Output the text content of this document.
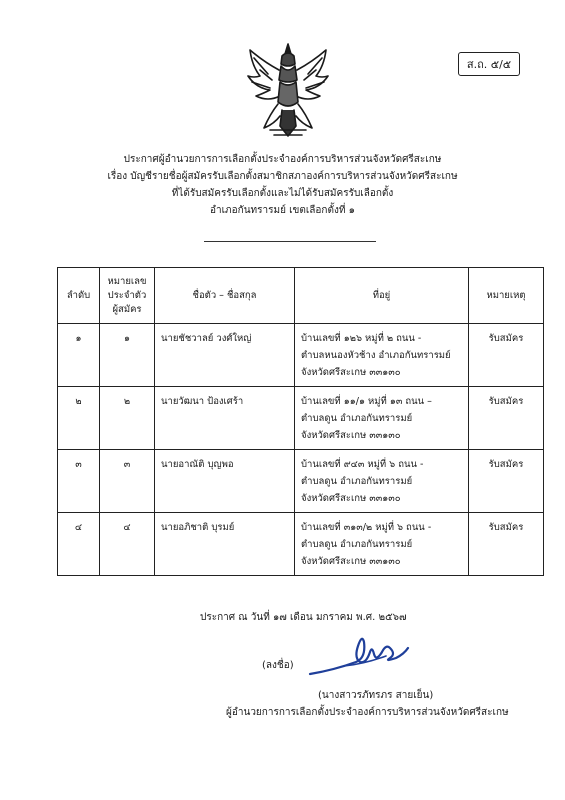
ส.ถ. ๕/๕
ประกาศผู้อำนวยการการเลือกตั้งประจำองค์การบริหารส่วนจังหวัดศรีสะเกษ
เรื่อง บัญชีรายชื่อผู้สมัครรับเลือกตั้งสมาชิกสภาองค์การบริหารส่วนจังหวัดศรีสะเกษ
ที่ได้รับสมัครรับเลือกตั้งและไม่ได้รับสมัครรับเลือกตั้ง
อำเภอกันทรารมย์ เขตเลือกตั้งที่ ๑
ลำดับ	หมายเลข
ประจำตัว
ผู้สมัคร	ชื่อตัว – ชื่อสกุล	ที่อยู่	หมายเหตุ
๑	๑	นายชัชวาลย์ วงศ์ใหญ่	บ้านเลขที่ ๑๒๖ หมู่ที่ ๒ ถนน -
ตำบลหนองหัวช้าง อำเภอกันทรารมย์
จังหวัดศรีสะเกษ ๓๓๑๓๐	รับสมัคร
๒	๒	นายวัฒนา ป้องเศร้า	บ้านเลขที่ ๑๑/๑ หมู่ที่ ๑๓ ถนน –
ตำบลดูน อำเภอกันทรารมย์
จังหวัดศรีสะเกษ ๓๓๑๓๐	รับสมัคร
๓	๓	นายอาณัติ บุญพอ	บ้านเลขที่ ๙๔๓ หมู่ที่ ๖ ถนน -
ตำบลดูน อำเภอกันทรารมย์
จังหวัดศรีสะเกษ ๓๓๑๓๐	รับสมัคร
๔	๔	นายอภิชาติ บุรมย์	บ้านเลขที่ ๓๑๓/๒ หมู่ที่ ๖ ถนน -
ตำบลดูน อำเภอกันทรารมย์
จังหวัดศรีสะเกษ ๓๓๑๓๐	รับสมัคร
ประกาศ ณ วันที่ ๑๗ เดือน มกราคม พ.ศ. ๒๕๖๗
(ลงชื่อ)
(นางสาวรภัทรภร สายเย็น)
ผู้อำนวยการการเลือกตั้งประจำองค์การบริหารส่วนจังหวัดศรีสะเกษ
